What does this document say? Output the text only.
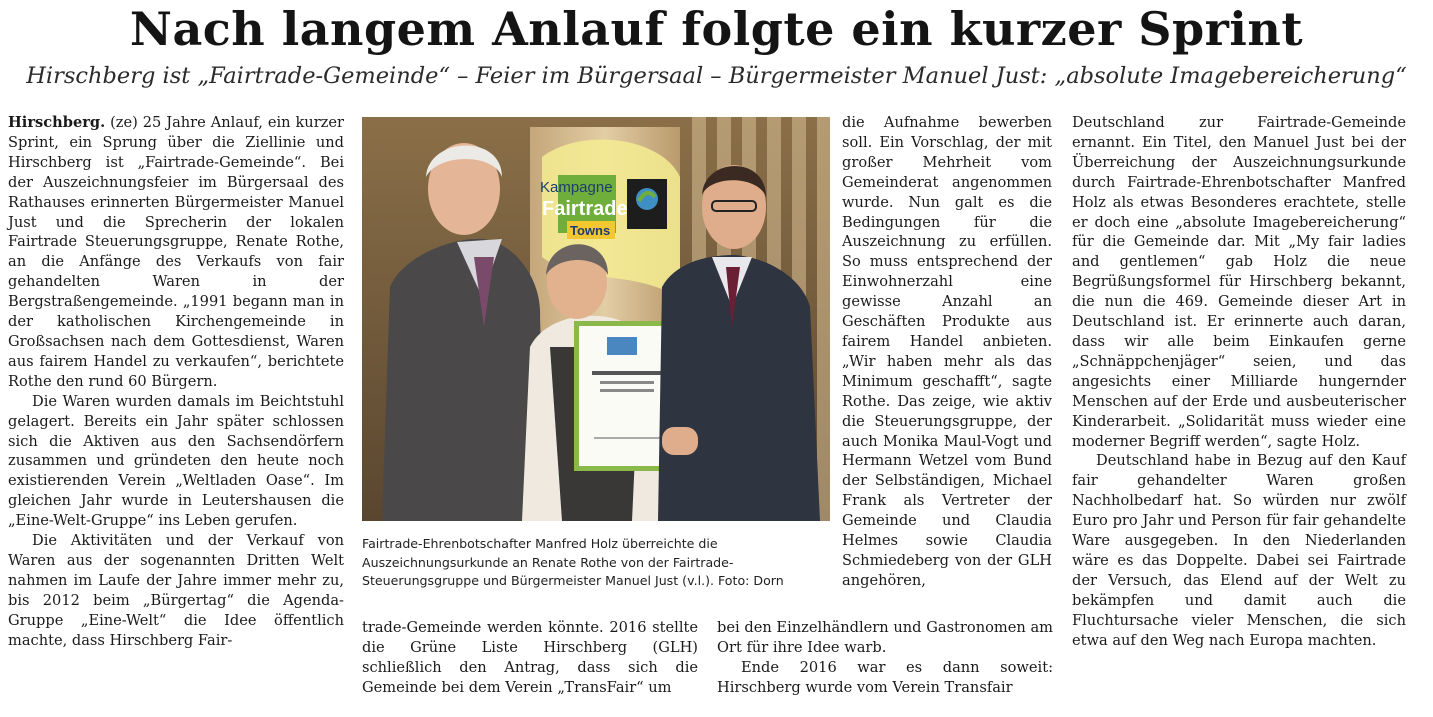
Nach langem Anlauf folgte ein kurzer Sprint
Hirschberg ist „Fairtrade-Gemeinde“ – Feier im Bürgersaal – Bürgermeister Manuel Just: „absolute Imagebereicherung“

Hirschberg. (ze) 25 Jahre Anlauf, ein kurzer Sprint, ein Sprung über die Ziellinie und Hirschberg ist „Fairtrade-Gemeinde“. Bei der Auszeichnungsfeier im Bürgersaal des Rathauses erinnerten Bürgermeister Manuel Just und die Sprecherin der lokalen Fairtrade Steuerungsgruppe, Renate Rothe, an die Anfänge des Verkaufs von fair gehandelten Waren in der Bergstraßengemeinde. „1991 begann man in der katholischen Kirchengemeinde in Großsachsen nach dem Gottesdienst, Waren aus fairem Handel zu verkaufen“, berichtete Rothe den rund 60 Bürgern.

Die Waren wurden damals im Beichtstuhl gelagert. Bereits ein Jahr später schlossen sich die Aktiven aus den Sachsendörfern zusammen und gründeten den heute noch existierenden Verein „Weltladen Oase“. Im gleichen Jahr wurde in Leutershausen die „Eine-Welt-Gruppe“ ins Leben gerufen.

Die Aktivitäten und der Verkauf von Waren aus der sogenannten Dritten Welt nahmen im Laufe der Jahre immer mehr zu, bis 2012 beim „Bürgertag“ die Agenda-Gruppe „Eine-Welt“ die Idee öffentlich machte, dass Hirschberg Fair-

Kampagne
Fairtrade
Towns
Fairtrade-Ehrenbotschafter Manfred Holz überreichte die Auszeichnungsurkunde an Renate Rothe von der Fairtrade-Steuerungsgruppe und Bürgermeister Manuel Just (v.l.). Foto: Dorn

trade-Gemeinde werden könnte. 2016 stellte die Grüne Liste Hirschberg (GLH) schließlich den Antrag, dass sich die Gemeinde bei dem Verein „TransFair“ um

die Aufnahme bewerben soll. Ein Vorschlag, der mit großer Mehrheit vom Gemeinderat angenommen wurde. Nun galt es die Bedingungen für die Auszeichnung zu erfüllen. So muss entsprechend der Einwohnerzahl eine gewisse Anzahl an Geschäften Produkte aus fairem Handel anbieten. „Wir haben mehr als das Minimum geschafft“, sagte Rothe. Das zeige, wie aktiv die Steuerungsgruppe, der auch Monika Maul-Vogt und Hermann Wetzel vom Bund der Selbständigen, Michael Frank als Vertreter der Gemeinde und Claudia Helmes sowie Claudia Schmiedeberg von der GLH angehören,

bei den Einzelhändlern und Gastronomen am Ort für ihre Idee warb.

Ende 2016 war es dann soweit: Hirschberg wurde vom Verein Transfair

Deutschland zur Fairtrade-Gemeinde ernannt. Ein Titel, den Manuel Just bei der Überreichung der Auszeichnungsurkunde durch Fairtrade-Ehrenbotschafter Manfred Holz als etwas Besonderes erachtete, stelle er doch eine „absolute Imagebereicherung“ für die Gemeinde dar. Mit „My fair ladies and gentlemen“ gab Holz die neue Begrüßungsformel für Hirschberg bekannt, die nun die 469. Gemeinde dieser Art in Deutschland ist. Er erinnerte auch daran, dass wir alle beim Einkaufen gerne „Schnäppchenjäger“ seien, und das angesichts einer Milliarde hungernder Menschen auf der Erde und ausbeuterischer Kinderarbeit. „Solidarität muss wieder eine moderner Begriff werden“, sagte Holz.

Deutschland habe in Bezug auf den Kauf fair gehandelter Waren großen Nachholbedarf hat. So würden nur zwölf Euro pro Jahr und Person für fair gehandelte Ware ausgegeben. In den Niederlanden wäre es das Doppelte. Dabei sei Fairtrade der Versuch, das Elend auf der Welt zu bekämpfen und damit auch die Fluchtursache vieler Menschen, die sich etwa auf den Weg nach Europa machten.
